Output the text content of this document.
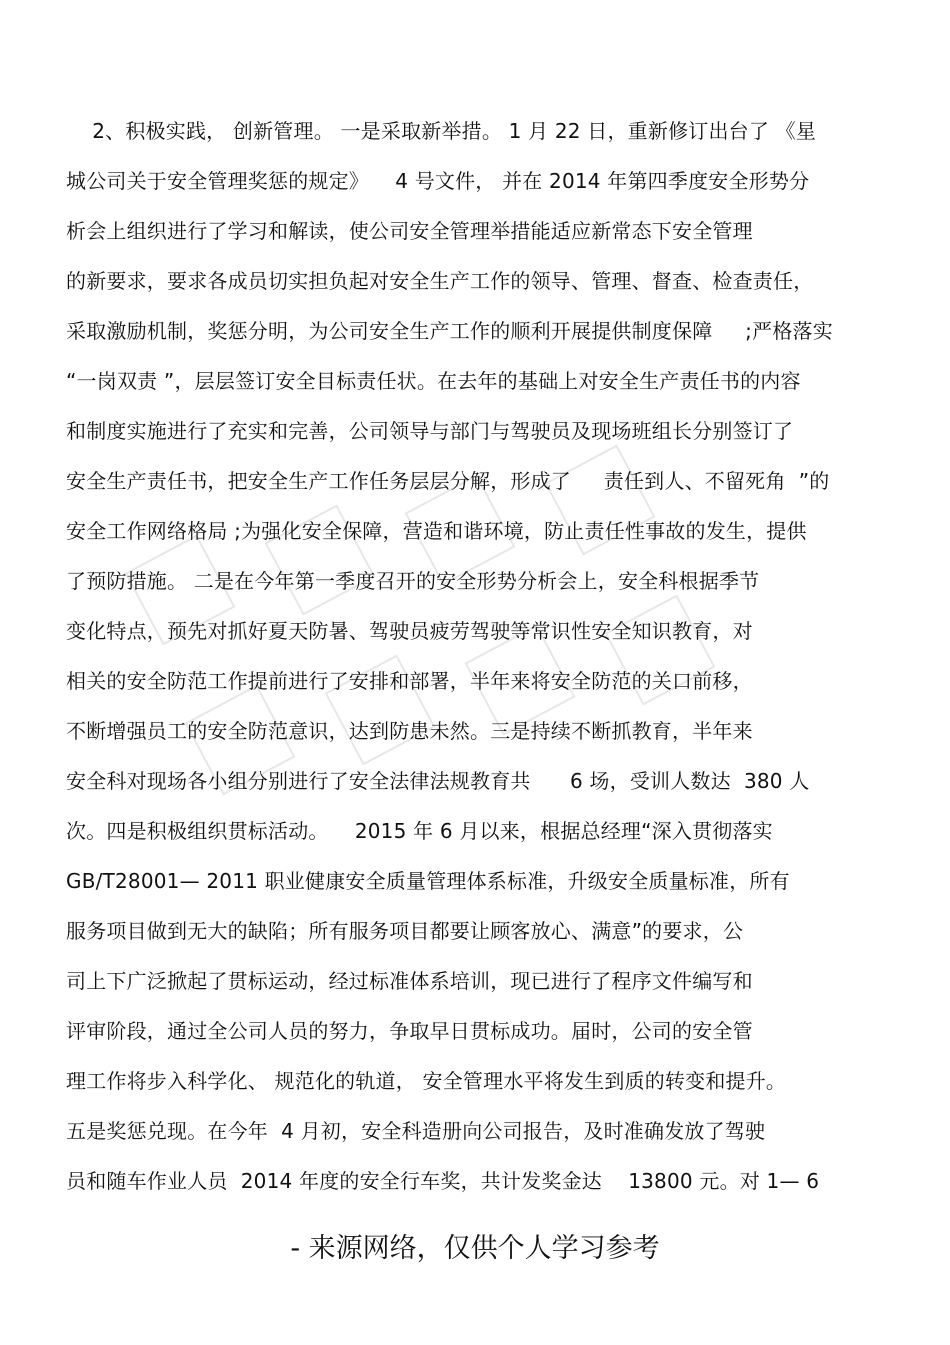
2、积极实践， 创新管理。 一是采取新举措。 1 月 22 日，重新修订出台了 《星
城公司关于安全管理奖惩的规定》    4 号文件， 并在 2014 年第四季度安全形势分
析会上组织进行了学习和解读，使公司安全管理举措能适应新常态下安全管理
的新要求，要求各成员切实担负起对安全生产工作的领导、管理、督查、检查责任，
采取激励机制，奖惩分明，为公司安全生产工作的顺利开展提供制度保障     ;严格落实
“一岗双责 ”，层层签订安全目标责任状。在去年的基础上对安全生产责任书的内容
和制度实施进行了充实和完善，公司领导与部门与驾驶员及现场班组长分别签订了
安全生产责任书，把安全生产工作任务层层分解，形成了     责任到人、不留死角  ”的
安全工作网络格局 ;为强化安全保障，营造和谐环境，防止责任性事故的发生，提供
了预防措施。 二是在今年第一季度召开的安全形势分析会上，安全科根据季节
变化特点，预先对抓好夏天防暑、驾驶员疲劳驾驶等常识性安全知识教育，对
相关的安全防范工作提前进行了安排和部署，半年来将安全防范的关口前移，
不断增强员工的安全防范意识，达到防患未然。三是持续不断抓教育，半年来
安全科对现场各小组分别进行了安全法律法规教育共      6 场，受训人数达  380 人
次。四是积极组织贯标活动。    2015 年 6 月以来，根据总经理“深入贯彻落实
GB/T28001— 2011 职业健康安全质量管理体系标准，升级安全质量标准，所有
服务项目做到无大的缺陷；所有服务项目都要让顾客放心、满意”的要求，公
司上下广泛掀起了贯标运动，经过标准体系培训，现已进行了程序文件编写和
评审阶段，通过全公司人员的努力，争取早日贯标成功。届时，公司的安全管
理工作将步入科学化、 规范化的轨道， 安全管理水平将发生到质的转变和提升。
五是奖惩兑现。在今年  4 月初，安全科造册向公司报告，及时准确发放了驾驶
员和随车作业人员  2014 年度的安全行车奖，共计发奖金达    13800 元。对 1— 6
- 来源网络，仅供个人学习参考
